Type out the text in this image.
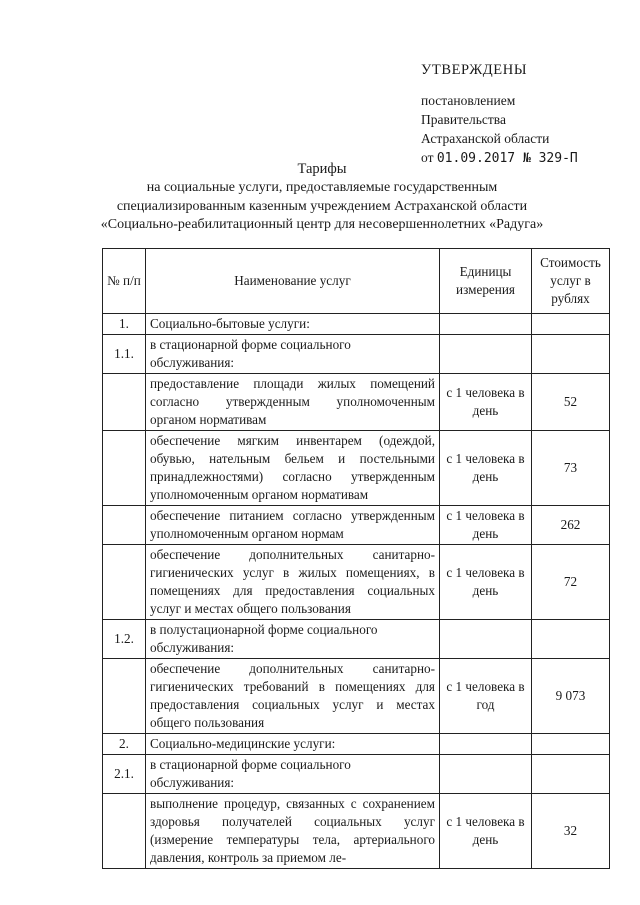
УТВЕРЖДЕНЫ
постановлением
Правительства
Астраханской области
от 01.09.2017 № 329-П
Тарифы
на социальные услуги, предоставляемые государственным
специализированным казенным учреждением Астраханской области
«Социально-реабилитационный центр для несовершеннолетних «Радуга»
№ п/п	Наименование услуг	Единицы измерения	Стоимость услуг в рублях
1.	Социально-бытовые услуги:		
1.1.	в стационарной форме социального обслуживания:		
	предоставление площади жилых помещений согласно утвержденным уполномоченным органом нормативам	с 1 человека в день	52
	обеспечение мягким инвентарем (одеждой, обувью, нательным бельем и постельными принадлежностями) согласно утвержденным уполномоченным органом нормативам	с 1 человека в день	73
	обеспечение питанием согласно утвержденным уполномоченным органом нормам	с 1 человека в день	262
	обеспечение дополнительных санитарно-гигиенических услуг в жилых помещениях, в помещениях для предоставления социальных услуг и местах общего пользования	с 1 человека в день	72
1.2.	в полустационарной форме социального обслуживания:		
	обеспечение дополнительных санитарно-гигиенических требований в помещениях для предоставления социальных услуг и местах общего пользования	с 1 человека в год	9 073
2.	Социально-медицинские услуги:		
2.1.	в стационарной форме социального обслуживания:		
	выполнение процедур, связанных с сохранением здоровья получателей социальных услуг (измерение температуры тела, артериального давления, контроль за приемом ле-	с 1 человека в день	32
